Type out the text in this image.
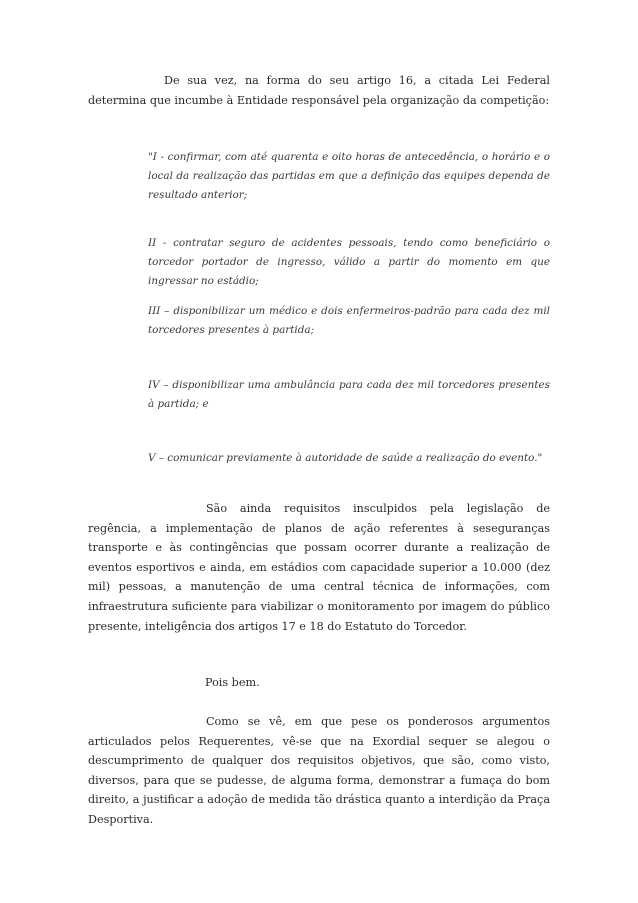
De sua vez, na forma do seu artigo 16, a citada Lei Federal determina que incumbe à Entidade responsável pela organização da competição:

"I - confirmar, com até quarenta e oito horas de antecedência, o horário e o local da realização das partidas em que a definição das equipes dependa de resultado anterior;

II - contratar seguro de acidentes pessoais, tendo como beneficiário o torcedor portador de ingresso, válido a partir do momento em que ingressar no estádio;

III – disponibilizar um médico e dois enfermeiros-padrão para cada dez mil torcedores presentes à partida;

IV – disponibilizar uma ambulância para cada dez mil torcedores presentes à partida; e

V – comunicar previamente à autoridade de saúde a realização do evento."

São ainda requisitos insculpidos pela legislação de regência, a implementação de planos de ação referentes à seseguranças transporte e às contingências que possam ocorrer durante a realização de eventos esportivos e ainda, em estádios com capacidade superior a 10.000 (dez mil) pessoas, a manutenção de uma central técnica de informações, com infraestrutura suficiente para viabilizar o monitoramento por imagem do público presente, inteligência dos artigos 17 e 18 do Estatuto do Torcedor.

Pois bem.

Como se vê, em que pese os ponderosos argumentos articulados pelos Requerentes, vê-se que na Exordial sequer se alegou o descumprimento de qualquer dos requisitos objetivos, que são, como visto, diversos, para que se pudesse, de alguma forma, demonstrar a fumaça do bom direito, a justificar a adoção de medida tão drástica quanto a interdição da Praça Desportiva.
